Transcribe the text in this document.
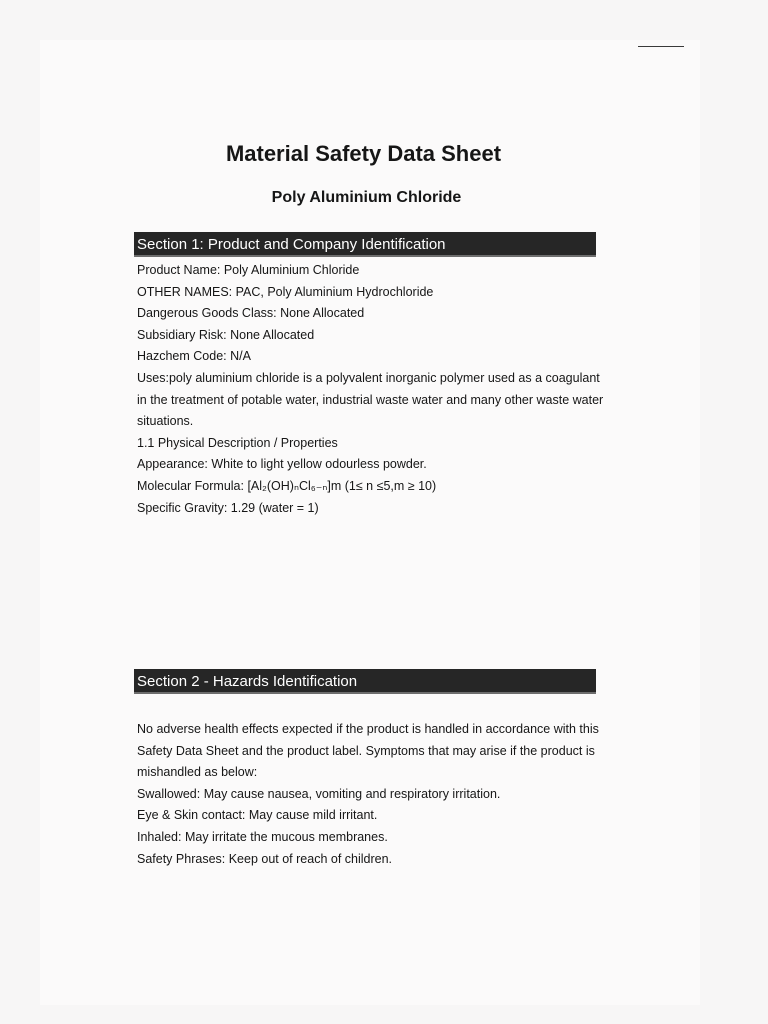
Material Safety Data Sheet
Poly Aluminium Chloride
Section 1: Product and Company Identification
Product Name: Poly Aluminium Chloride
OTHER NAMES: PAC, Poly Aluminium Hydrochloride
Dangerous Goods Class: None Allocated
Subsidiary Risk: None Allocated
Hazchem Code: N/A
Uses:poly aluminium chloride is a polyvalent inorganic polymer used as a coagulant in the treatment of potable water, industrial waste water and many other waste water situations.
1.1 Physical Description / Properties
Appearance: White to light yellow odourless powder.
Molecular Formula: [Al₂(OH)ₙCl₆₋ₙ]m (1≤ n ≤5,m ≥ 10)
Specific Gravity: 1.29 (water = 1)
Section 2 - Hazards Identification
No adverse health effects expected if the product is handled in accordance with this Safety Data Sheet and the product label. Symptoms that may arise if the product is mishandled as below:
Swallowed: May cause nausea, vomiting and respiratory irritation.
Eye & Skin contact: May cause mild irritant.
Inhaled: May irritate the mucous membranes.
Safety Phrases: Keep out of reach of children.
